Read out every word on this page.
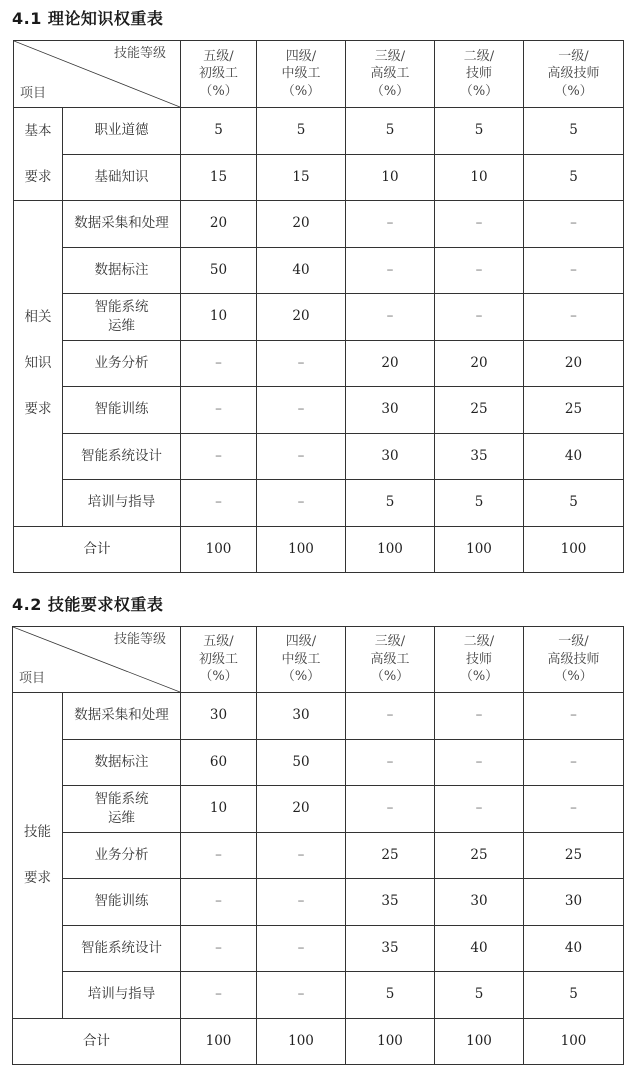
4.1 理论知识权重表
技能等级
项目		五级/
初级工
（%）	四级/
中级工
（%）	三级/
高级工
（%）	二级/
技师
（%）	一级/
高级技师
（%）

基本
要求	职业道德	5	5	5	5	5
	基础知识	15	15	10	10	5

相关
知识
要求	数据采集和处理	20	20	–	–	–
	数据标注	50	40	–	–	–
	智能系统运维	10	20	–	–	–
	业务分析	–	–	20	20	20
	智能训练	–	–	30	25	25
	智能系统设计	–	–	30	35	40
	培训与指导	–	–	5	5	5
合计		100	100	100	100	100
4.2 技能要求权重表
技能等级
项目		五级/
初级工
（%）	四级/
中级工
（%）	三级/
高级工
（%）	二级/
技师
（%）	一级/
高级技师
（%）

技能
要求	数据采集和处理	30	30	–	–	–
	数据标注	60	50	–	–	–
	智能系统运维	10	20	–	–	–
	业务分析	–	–	25	25	25
	智能训练	–	–	35	30	30
	智能系统设计	–	–	35	40	40
	培训与指导	–	–	5	5	5
合计		100	100	100	100	100
